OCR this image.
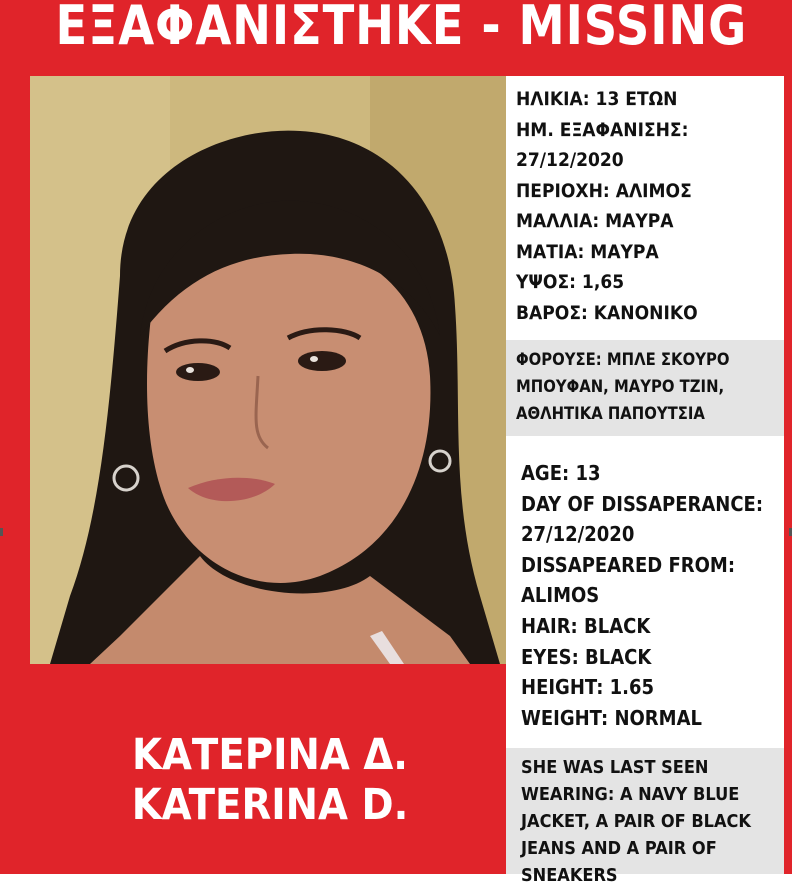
ΕΞΑΦΑΝΙΣΤΗΚΕ - MISSING
ΚΑΤΕΡΙΝΑ Δ.
KATERINA D.
ΗΛΙΚΙΑ: 13 ΕΤΩΝ
ΗΜ. ΕΞΑΦΑΝΙΣΗΣ:
27/12/2020
ΠΕΡΙΟΧΗ: ΑΛΙΜΟΣ
ΜΑΛΛΙΑ: ΜΑΥΡΑ
ΜΑΤΙΑ: ΜΑΥΡΑ
ΥΨΟΣ: 1,65
ΒΑΡΟΣ: ΚΑΝΟΝΙΚΟ
ΦΟΡΟΥΣΕ: ΜΠΛΕ ΣΚΟΥΡΟ
ΜΠΟΥΦΑΝ, ΜΑΥΡΟ ΤΖΙΝ,
ΑΘΛΗΤΙΚΑ ΠΑΠΟΥΤΣΙΑ
AGE: 13
DAY OF DISSAPERANCE:
27/12/2020
DISSAPEARED FROM:
ALIMOS
HAIR: BLACK
EYES: BLACK
HEIGHT: 1.65
WEIGHT: NORMAL
SHE WAS LAST SEEN
WEARING: A NAVY BLUE
JACKET, A PAIR OF BLACK
JEANS AND A PAIR OF
SNEAKERS
